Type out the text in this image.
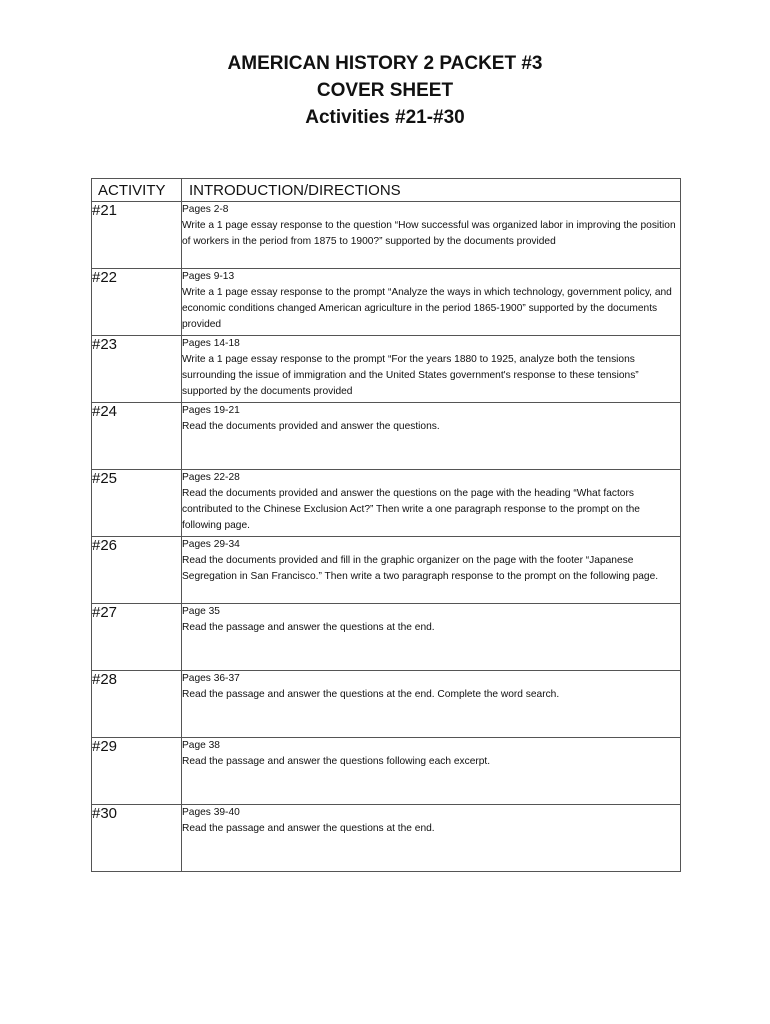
AMERICAN HISTORY 2 PACKET #3
COVER SHEET
Activities #21-#30
ACTIVITY	INTRODUCTION/DIRECTIONS
#21	Pages 2-8
Write a 1 page essay response to the question “How successful was organized labor in improving the position of workers in the period from 1875 to 1900?” supported by the documents provided

#22	Pages 9-13
Write a 1 page essay response to the prompt “Analyze the ways in which technology, government policy, and economic conditions changed American agriculture in the period 1865-1900” supported by the documents provided

#23	Pages 14-18
Write a 1 page essay response to the prompt “For the years 1880 to 1925, analyze both the tensions surrounding the issue of immigration and the United States government's response to these tensions” supported by the documents provided

#24	Pages 19-21
Read the documents provided and answer the questions.

#25	Pages 22-28
Read the documents provided and answer the questions on the page with the heading “What factors contributed to the Chinese Exclusion Act?” Then write a one paragraph response to the prompt on the following page.

#26	Pages 29-34
Read the documents provided and fill in the graphic organizer on the page with the footer “Japanese Segregation in San Francisco.” Then write a two paragraph response to the prompt on the following page.

#27	Page 35
Read the passage and answer the questions at the end.

#28	Pages 36-37
Read the passage and answer the questions at the end. Complete the word search.

#29	Page 38
Read the passage and answer the questions following each excerpt.

#30	Pages 39-40
Read the passage and answer the questions at the end.
